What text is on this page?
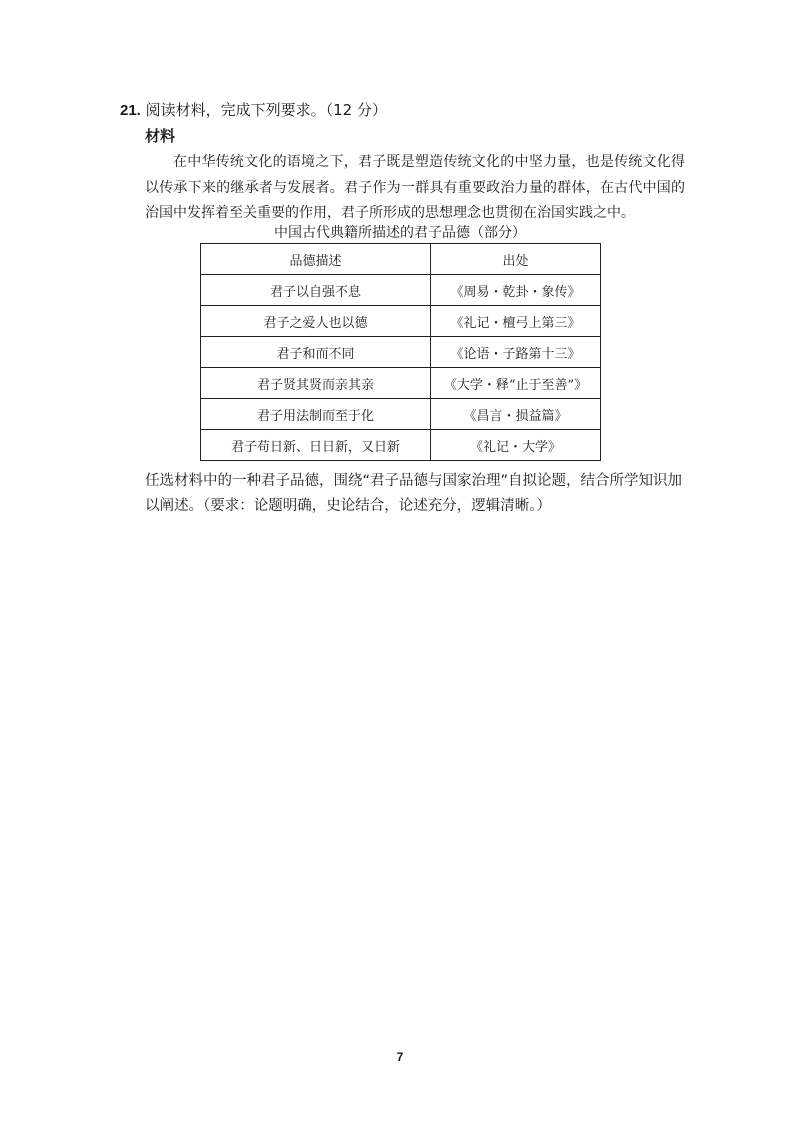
21. 阅读材料，完成下列要求。（12 分）
材料
在中华传统文化的语境之下，君子既是塑造传统文化的中坚力量，也是传统文化得以传承下来的继承者与发展者。君子作为一群具有重要政治力量的群体，在古代中国的治国中发挥着至关重要的作用，君子所形成的思想理念也贯彻在治国实践之中。
中国古代典籍所描述的君子品德（部分）
品德描述	出处
君子以自强不息	《周易・乾卦・象传》
君子之爱人也以德	《礼记・檀弓上第三》
君子和而不同	《论语・子路第十三》
君子贤其贤而亲其亲	《大学・释“止于至善”》
君子用法制而至于化	《昌言・损益篇》
君子苟日新、日日新，又日新	《礼记・大学》
任选材料中的一种君子品德，围绕“君子品德与国家治理”自拟论题，结合所学知识加以阐述。（要求：论题明确，史论结合，论述充分，逻辑清晰。）
7
